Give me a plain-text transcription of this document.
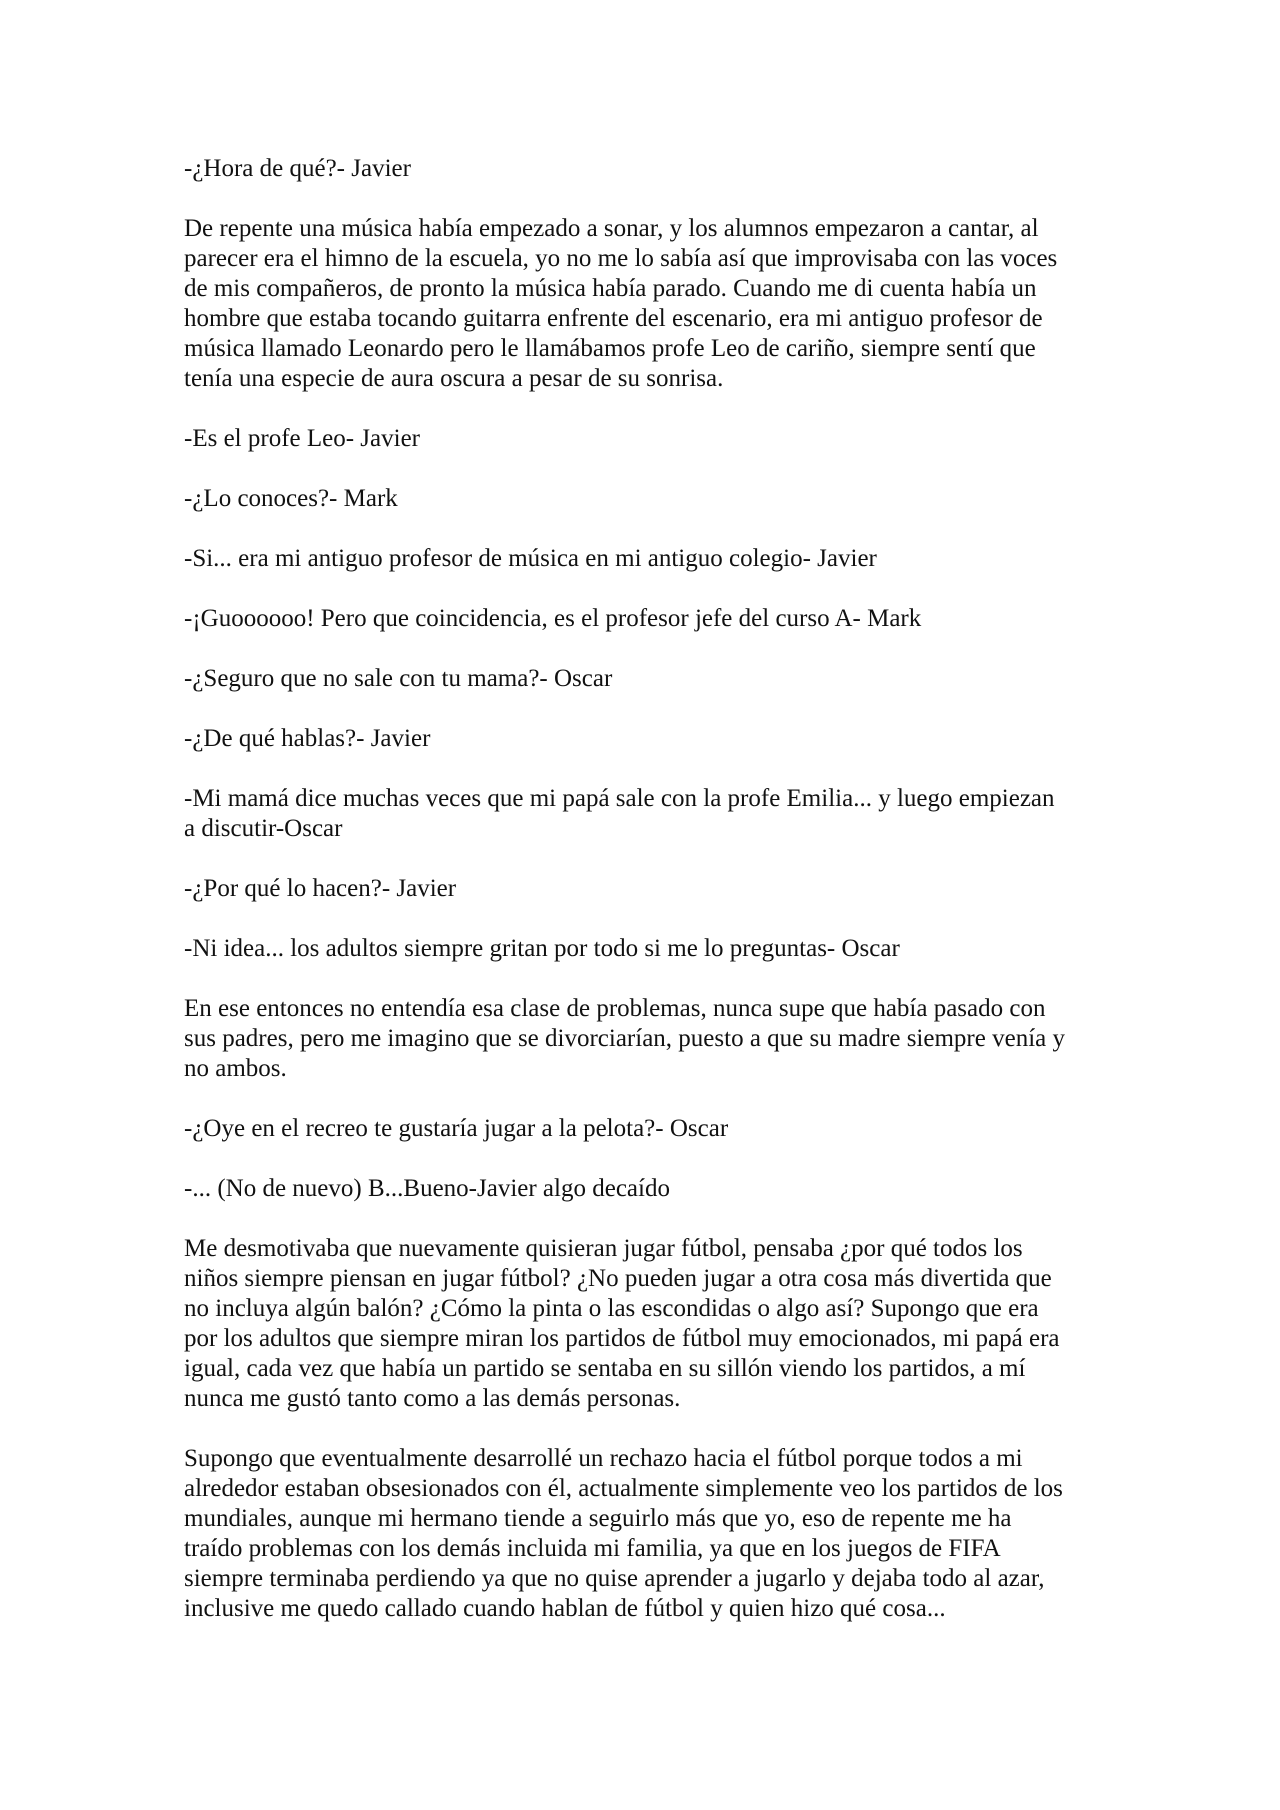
-¿Hora de qué?- Javier

De repente una música había empezado a sonar, y los alumnos empezaron a cantar, al
parecer era el himno de la escuela, yo no me lo sabía así que improvisaba con las voces
de mis compañeros, de pronto la música había parado. Cuando me di cuenta había un
hombre que estaba tocando guitarra enfrente del escenario, era mi antiguo profesor de
música llamado Leonardo pero le llamábamos profe Leo de cariño, siempre sentí que
tenía una especie de aura oscura a pesar de su sonrisa.

-Es el profe Leo- Javier

-¿Lo conoces?- Mark

-Si... era mi antiguo profesor de música en mi antiguo colegio- Javier

-¡Guoooooo! Pero que coincidencia, es el profesor jefe del curso A- Mark

-¿Seguro que no sale con tu mama?- Oscar

-¿De qué hablas?- Javier

-Mi mamá dice muchas veces que mi papá sale con la profe Emilia... y luego empiezan
a discutir-Oscar

-¿Por qué lo hacen?- Javier

-Ni idea... los adultos siempre gritan por todo si me lo preguntas- Oscar

En ese entonces no entendía esa clase de problemas, nunca supe que había pasado con
sus padres, pero me imagino que se divorciarían, puesto a que su madre siempre venía y
no ambos.

-¿Oye en el recreo te gustaría jugar a la pelota?- Oscar

-... (No de nuevo) B...Bueno-Javier algo decaído

Me desmotivaba que nuevamente quisieran jugar fútbol, pensaba ¿por qué todos los
niños siempre piensan en jugar fútbol? ¿No pueden jugar a otra cosa más divertida que
no incluya algún balón? ¿Cómo la pinta o las escondidas o algo así? Supongo que era
por los adultos que siempre miran los partidos de fútbol muy emocionados, mi papá era
igual, cada vez que había un partido se sentaba en su sillón viendo los partidos, a mí
nunca me gustó tanto como a las demás personas.

Supongo que eventualmente desarrollé un rechazo hacia el fútbol porque todos a mi
alrededor estaban obsesionados con él, actualmente simplemente veo los partidos de los
mundiales, aunque mi hermano tiende a seguirlo más que yo, eso de repente me ha
traído problemas con los demás incluida mi familia, ya que en los juegos de FIFA
siempre terminaba perdiendo ya que no quise aprender a jugarlo y dejaba todo al azar,
inclusive me quedo callado cuando hablan de fútbol y quien hizo qué cosa...
